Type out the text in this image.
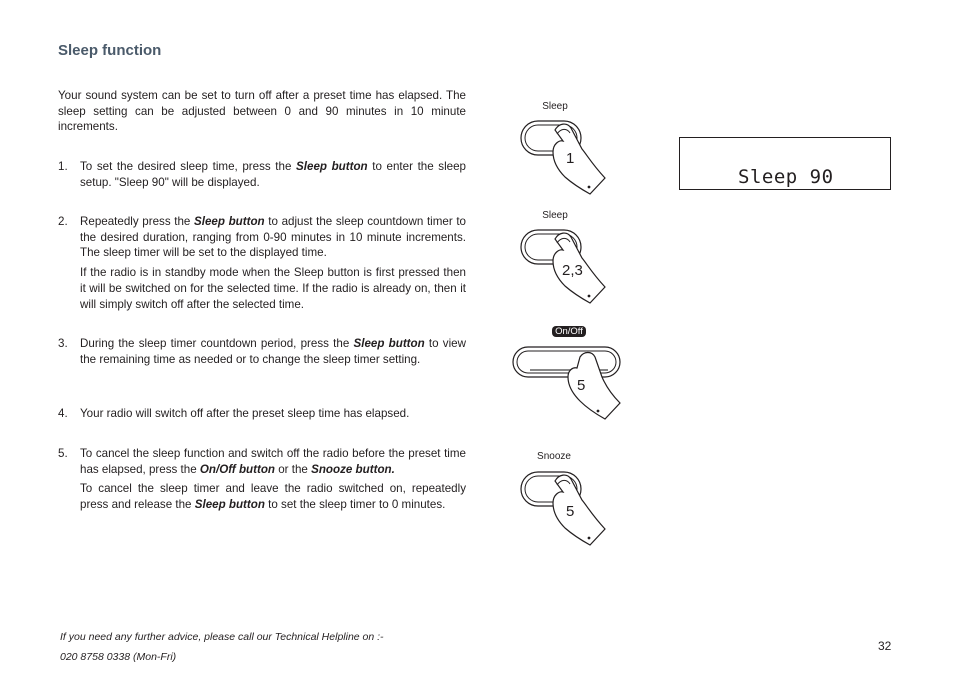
Sleep function
Your sound system can be set to turn off after a preset time has elapsed. The sleep setting can be adjusted between 0 and 90 minutes in 10 minute increments.
1. To set the desired sleep time, press the Sleep button to enter the sleep setup. "Sleep 90" will be displayed.

2. Repeatedly press the Sleep button to adjust the sleep countdown timer to the desired duration, ranging from 0-90 minutes in 10 minute increments. The sleep timer will be set to the displayed time.

If the radio is in standby mode when the Sleep button is first pressed then it will be switched on for the selected time. If the radio is already on, then it will simply switch off after the selected time.

3. During the sleep timer countdown period, press the Sleep button to view the remaining time as needed or to change the sleep timer setting.

4. Your radio will switch off after the preset sleep time has elapsed.

5. To cancel the sleep function and switch off the radio before the preset time has elapsed, press the On/Off button or the Snooze button.

To cancel the sleep timer and leave the radio switched on, repeatedly press and release the Sleep button to set the sleep timer to 0 minutes.

Sleep
Sleep
On/Off
Snooze
1
2,3
5
5
Sleep 90
If you need any further advice, please call our Technical Helpline on :-
020 8758 0338 (Mon-Fri)
32
